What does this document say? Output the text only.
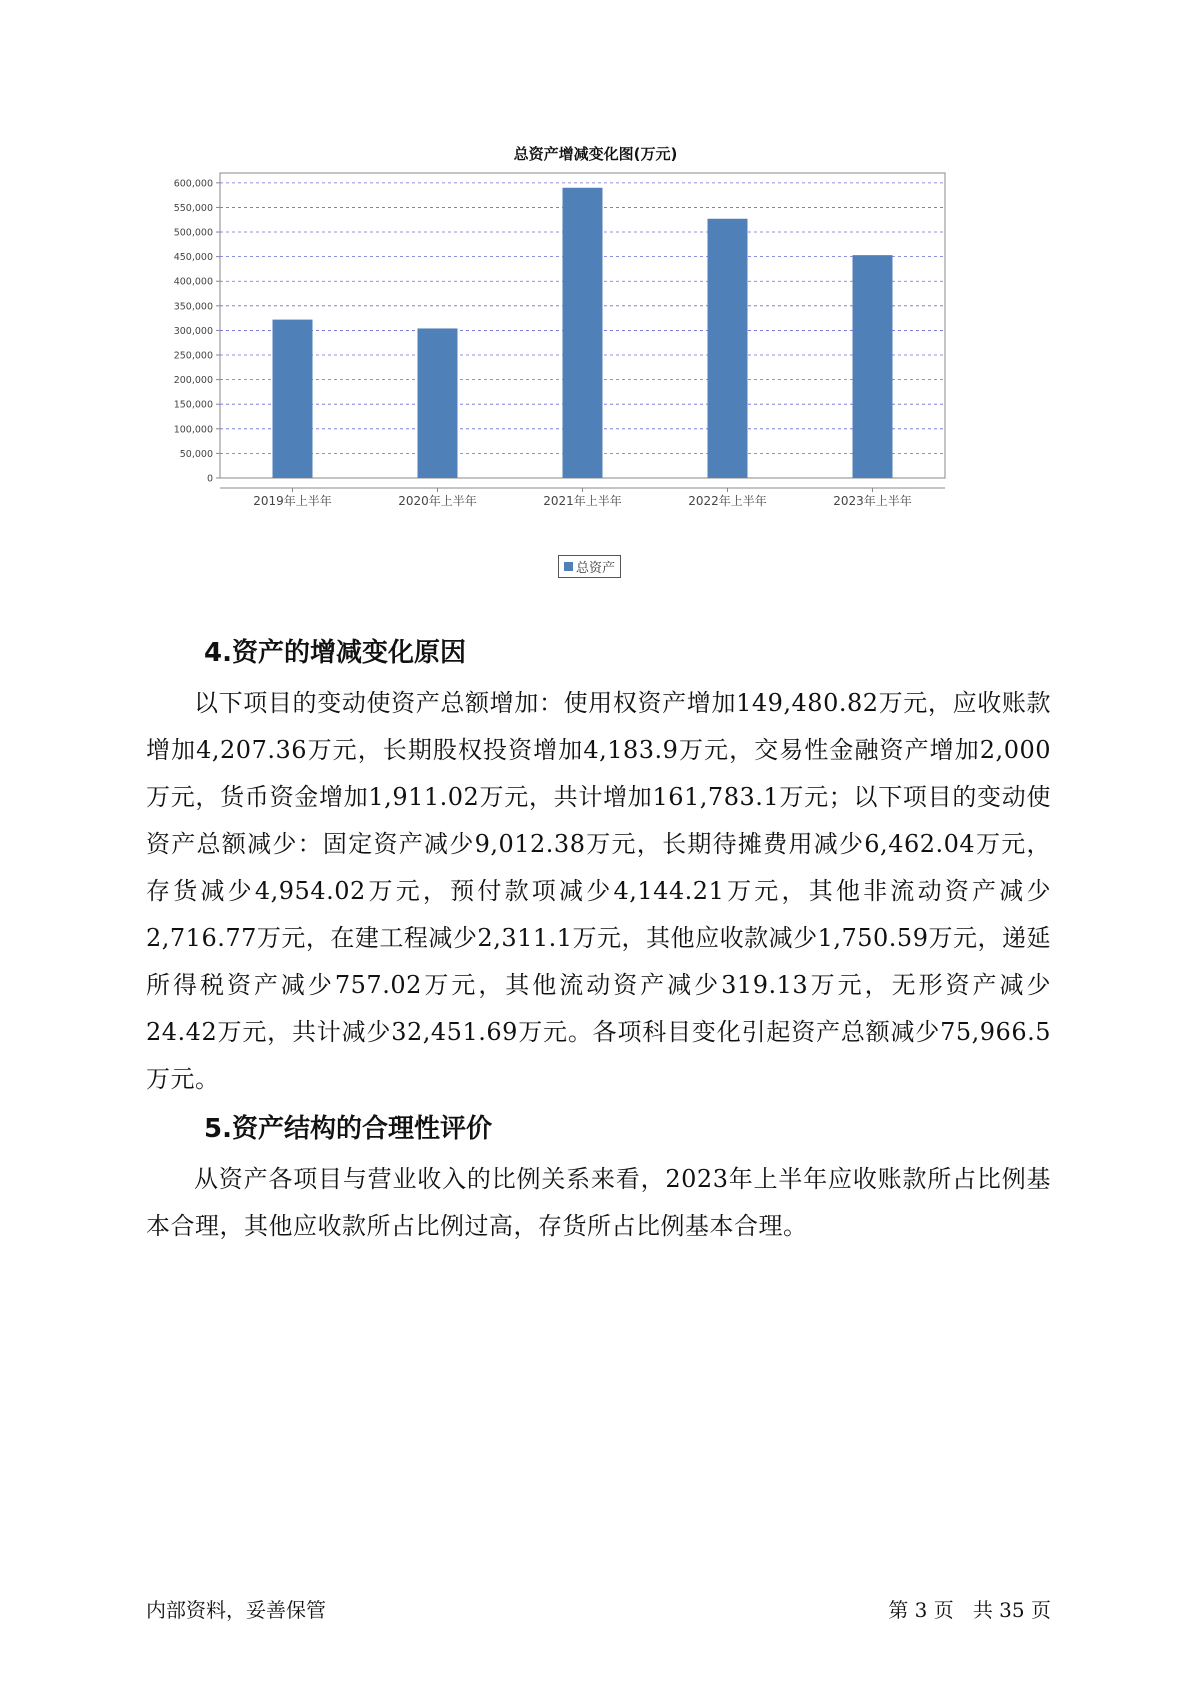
总资产增减变化图(万元)
0
50,000
100,000
150,000
200,000
250,000
300,000
350,000
400,000
450,000
500,000
550,000
600,000
2019年上半年	2020年上半年	2021年上半年	2022年上半年	2023年上半年
总资产
4.资产的增减变化原因

以下项目的变动使资产总额增加：使用权资产增加149,480.82万元，应收账款增加4,207.36万元，长期股权投资增加4,183.9万元，交易性金融资产增加2,000万元，货币资金增加1,911.02万元，共计增加161,783.1万元；以下项目的变动使资产总额减少：固定资产减少9,012.38万元，长期待摊费用减少6,462.04万元，存货减少4,954.02万元，预付款项减少4,144.21万元，其他非流动资产减少2,716.77万元，在建工程减少2,311.1万元，其他应收款减少1,750.59万元，递延所得税资产减少757.02万元，其他流动资产减少319.13万元，无形资产减少24.42万元，共计减少32,451.69万元。各项科目变化引起资产总额减少75,966.5万元。

5.资产结构的合理性评价

从资产各项目与营业收入的比例关系来看，2023年上半年应收账款所占比例基本合理，其他应收款所占比例过高，存货所占比例基本合理。

内部资料，妥善保管	第 3 页   共 35 页
